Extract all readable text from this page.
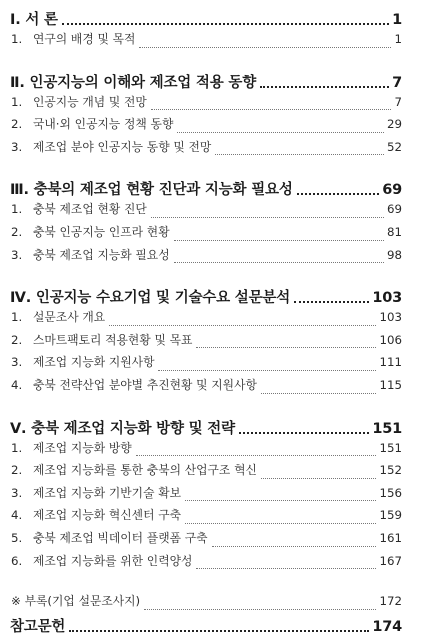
Ⅰ. 서 론	1
1. 연구의 배경 및 목적	1
Ⅱ. 인공지능의 이해와 제조업 적용 동향	7
1. 인공지능 개념 및 전망	7
2. 국내·외 인공지능 정책 동향	29
3. 제조업 분야 인공지능 동향 및 전망	52
Ⅲ. 충북의 제조업 현황 진단과 지능화 필요성	69
1. 충북 제조업 현황 진단	69
2. 충북 인공지능 인프라 현황	81
3. 충북 제조업 지능화 필요성	98
Ⅳ. 인공지능 수요기업 및 기술수요 설문분석	103
1. 설문조사 개요	103
2. 스마트팩토리 적용현황 및 목표	106
3. 제조업 지능화 지원사항	111
4. 충북 전략산업 분야별 추진현황 및 지원사항	115
Ⅴ. 충북 제조업 지능화 방향 및 전략	151
1. 제조업 지능화 방향	151
2. 제조업 지능화를 통한 충북의 산업구조 혁신	152
3. 제조업 지능화 기반기술 확보	156
4. 제조업 지능화 혁신센터 구축	159
5. 충북 제조업 빅데이터 플랫폼 구축	161
6. 제조업 지능화를 위한 인력양성	167
※ 부록(기업 설문조사지)	172
참고문헌	174
